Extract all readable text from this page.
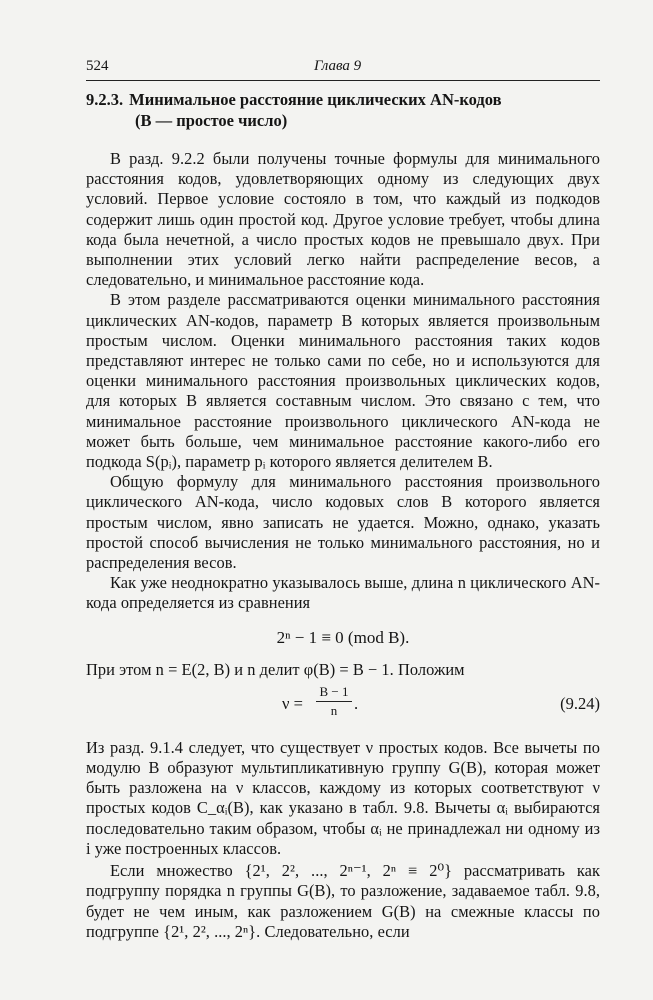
524	Глава 9
9.2.3. Минимальное расстояние циклических AN-кодов
(B — простое число)

В разд. 9.2.2 были получены точные формулы для минимального расстояния кодов, удовлетворяющих одному из следующих двух условий. Первое условие состояло в том, что каждый из подкодов содержит лишь один простой код. Другое условие требует, чтобы длина кода была нечетной, а число простых кодов не превышало двух. При выполнении этих условий легко найти распределение весов, а следовательно, и минимальное расстояние кода.

В этом разделе рассматриваются оценки минимального расстояния циклических AN-кодов, параметр B которых является произвольным простым числом. Оценки минимального расстояния таких кодов представляют интерес не только сами по себе, но и используются для оценки минимального расстояния произвольных циклических кодов, для которых B является составным числом. Это связано с тем, что минимальное расстояние произвольного циклического AN-кода не может быть больше, чем минимальное расстояние какого-либо его подкода S(pᵢ), параметр pᵢ которого является делителем B.

Общую формулу для минимального расстояния произвольного циклического AN-кода, число кодовых слов B которого является простым числом, явно записать не удается. Можно, однако, указать простой способ вычисления не только минимального расстояния, но и распределения весов.

Как уже неоднократно указывалось выше, длина n циклического AN-кода определяется из сравнения

2ⁿ − 1 ≡ 0 (mod B).

При этом n = E(2, B) и n делит φ(B) = B − 1. Положим

ν =
B − 1
n	.	(9.24)

Из разд. 9.1.4 следует, что существует ν простых кодов. Все вычеты по модулю B образуют мультипликативную группу G(B), которая может быть разложена на ν классов, каждому из которых соответствуют ν простых кодов C_αᵢ(B), как указано в табл. 9.8. Вычеты αᵢ выбираются последовательно таким образом, чтобы αᵢ не принадлежал ни одному из i уже построенных классов.

Если множество {2¹, 2², ..., 2ⁿ⁻¹, 2ⁿ ≡ 2⁰} рассматривать как подгруппу порядка n группы G(B), то разложение, задаваемое табл. 9.8, будет не чем иным, как разложением G(B) на смежные классы по подгруппе {2¹, 2², ..., 2ⁿ}. Следовательно, если
